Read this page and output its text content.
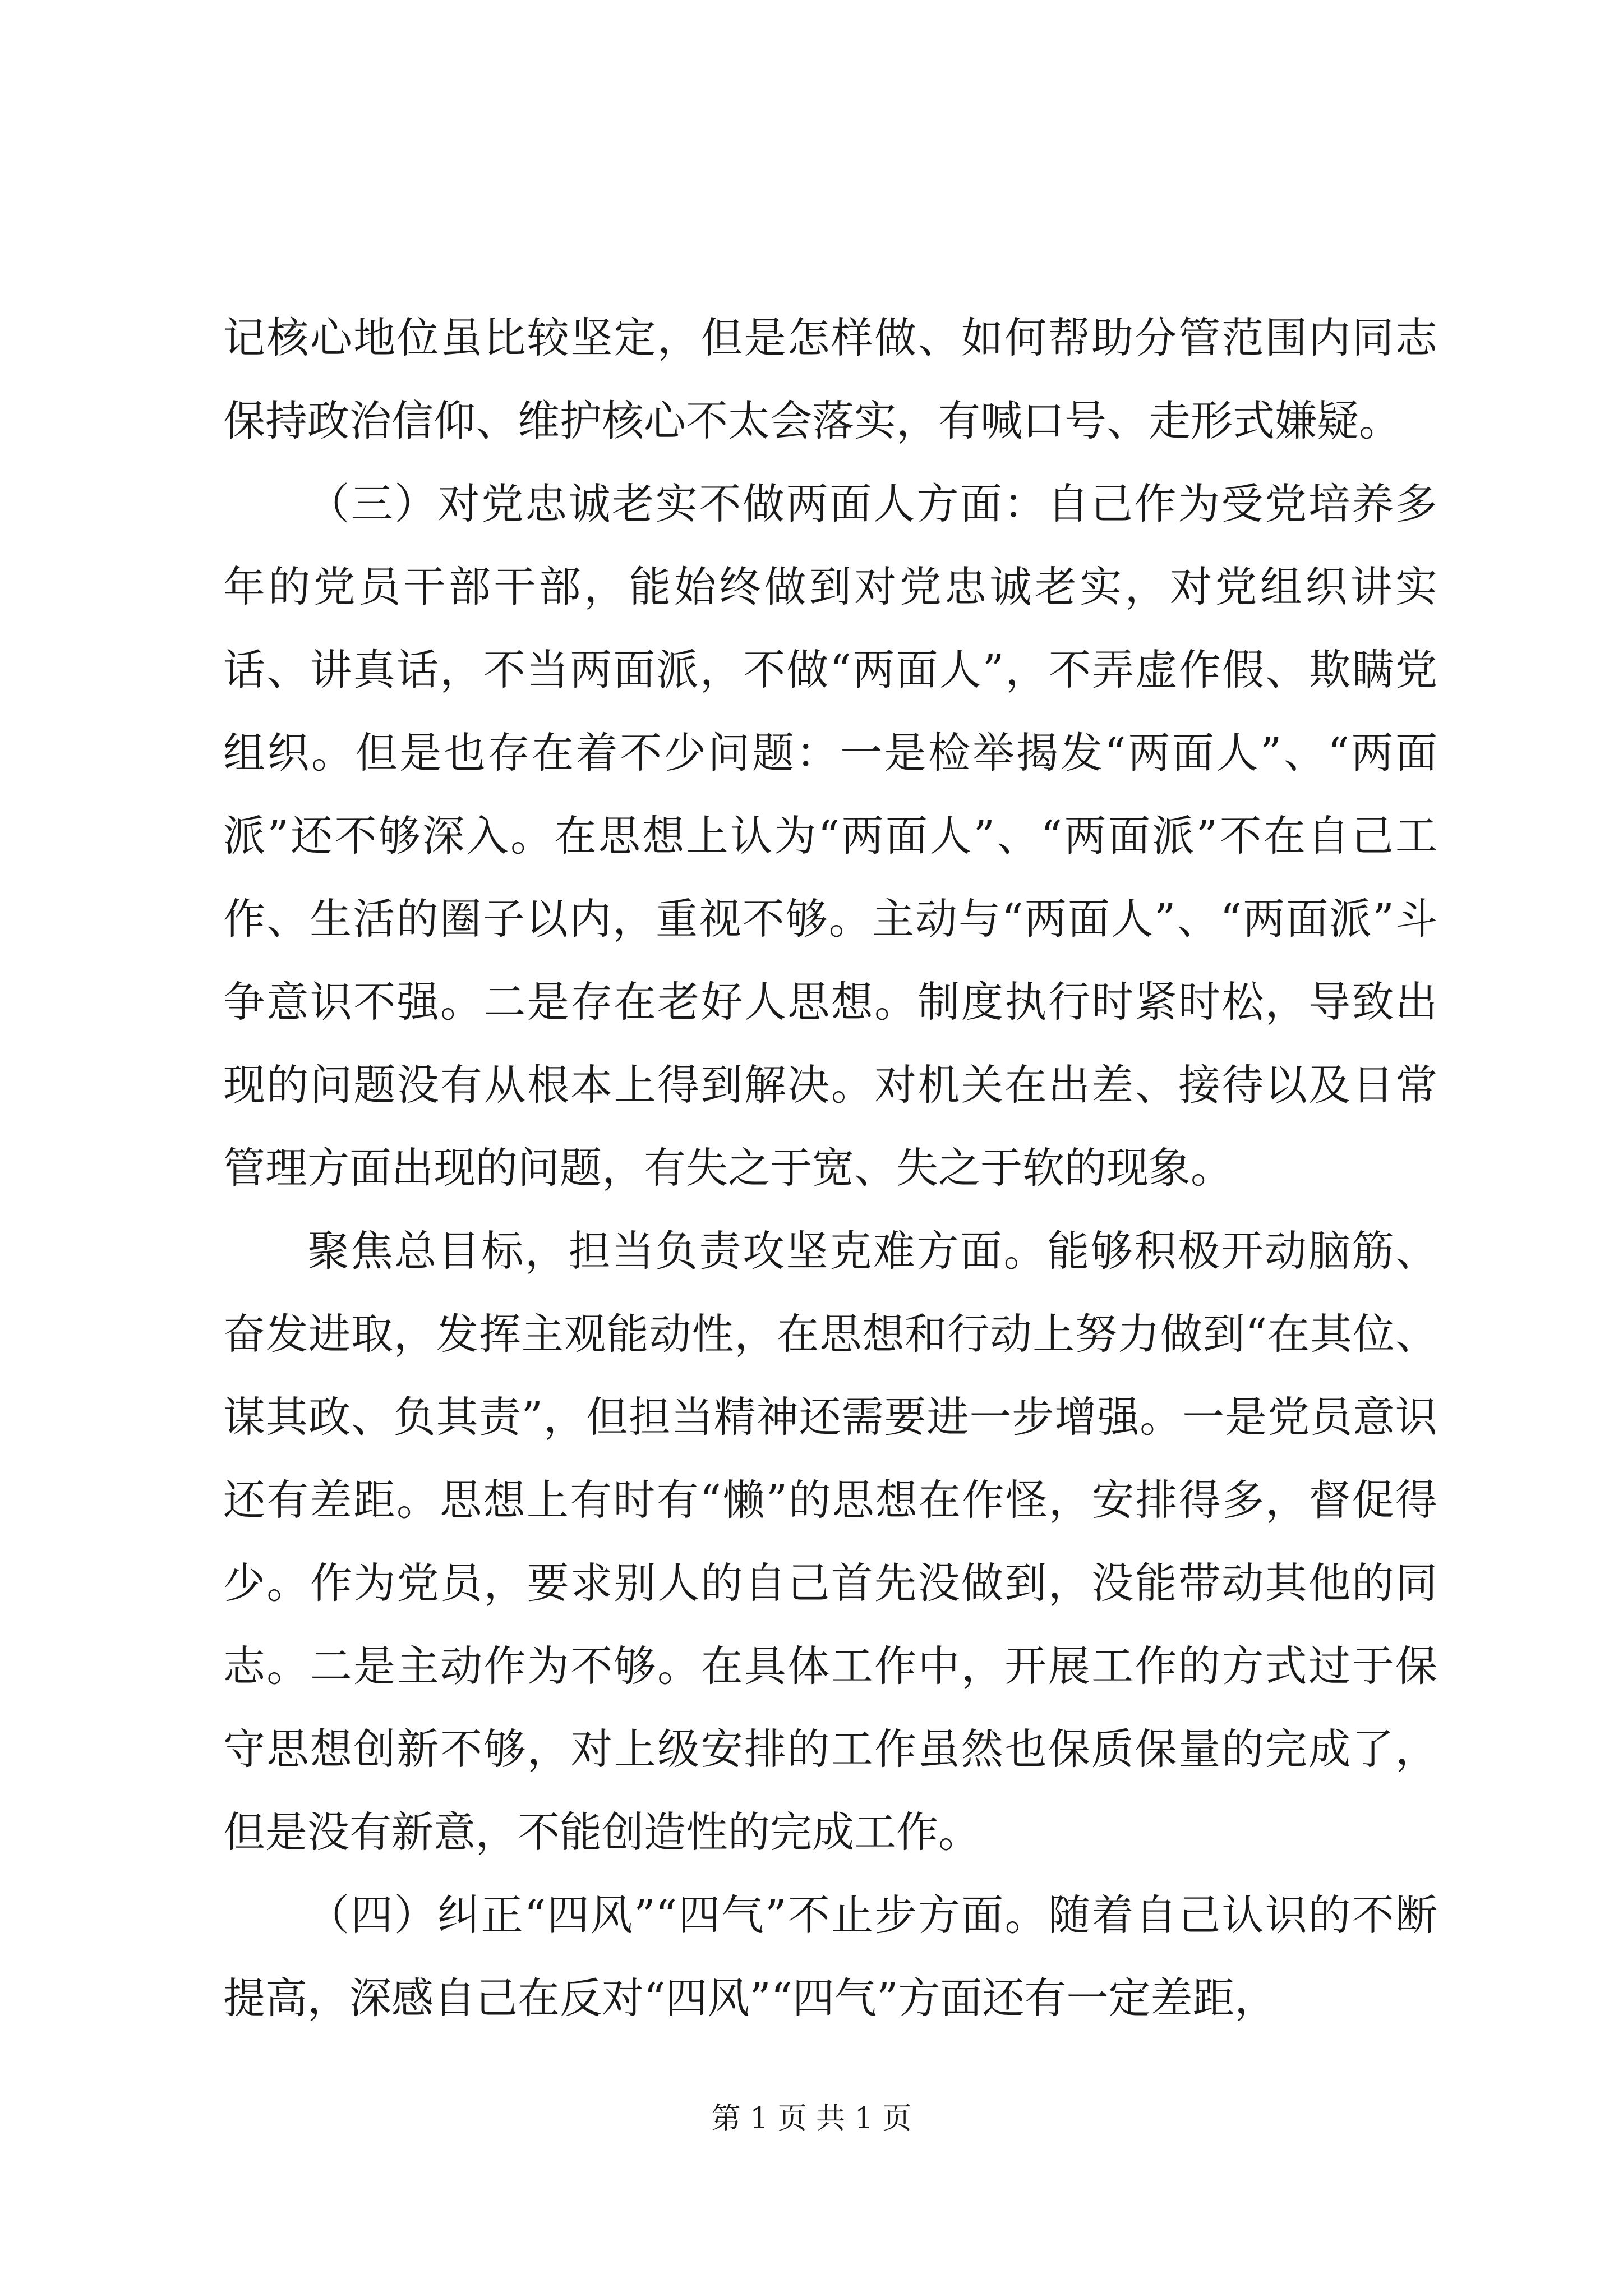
记核心地位虽比较坚定，但是怎样做、如何帮助分管范围内同志保持政治信仰、维护核心不太会落实，有喊口号、走形式嫌疑。

（三）对党忠诚老实不做两面人方面：自己作为受党培养多年的党员干部干部，能始终做到对党忠诚老实，对党组织讲实话、讲真话，不当两面派，不做“两面人”，不弄虚作假、欺瞒党组织。但是也存在着不少问题：一是检举揭发“两面人”、“两面派”还不够深入。在思想上认为“两面人”、“两面派”不在自己工作、生活的圈子以内，重视不够。主动与“两面人”、“两面派”斗争意识不强。二是存在老好人思想。制度执行时紧时松，导致出现的问题没有从根本上得到解决。对机关在出差、接待以及日常管理方面出现的问题，有失之于宽、失之于软的现象。

聚焦总目标，担当负责攻坚克难方面。能够积极开动脑筋、奋发进取，发挥主观能动性，在思想和行动上努力做到“在其位、谋其政、负其责”，但担当精神还需要进一步增强。一是党员意识还有差距。思想上有时有“懒”的思想在作怪，安排得多，督促得少。作为党员，要求别人的自己首先没做到，没能带动其他的同志。二是主动作为不够。在具体工作中，开展工作的方式过于保守思想创新不够，对上级安排的工作虽然也保质保量的完成了，但是没有新意，不能创造性的完成工作。

（四）纠正“四风”“四气”不止步方面。随着自己认识的不断提高，深感自己在反对“四风”“四气”方面还有一定差距，

第 1 页 共 1 页
